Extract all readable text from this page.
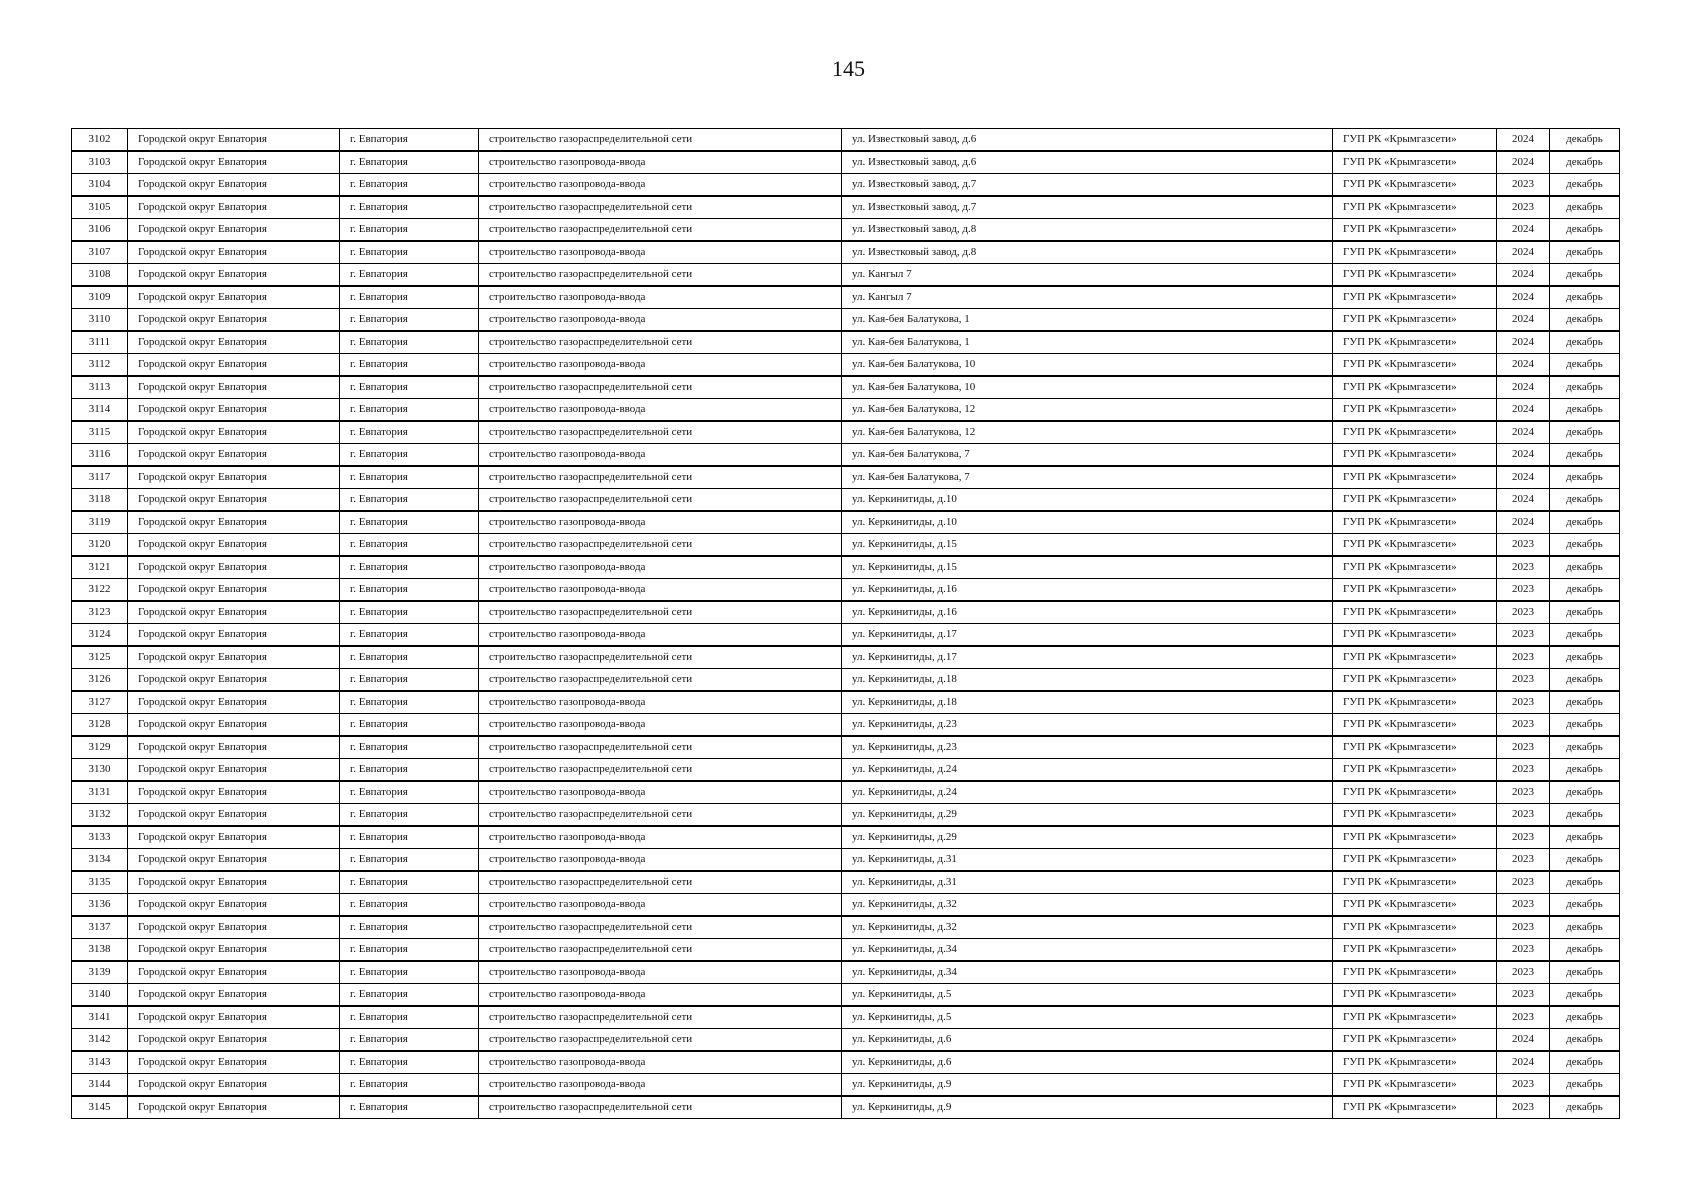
145
3102	Городской округ Евпатория	г. Евпатория	строительство газораспределительной сети	ул. Известковый завод, д.6	ГУП РК «Крымгазсети»	2024	декабрь
3103	Городской округ Евпатория	г. Евпатория	строительство газопровода-ввода	ул. Известковый завод, д.6	ГУП РК «Крымгазсети»	2024	декабрь
3104	Городской округ Евпатория	г. Евпатория	строительство газопровода-ввода	ул. Известковый завод, д.7	ГУП РК «Крымгазсети»	2023	декабрь
3105	Городской округ Евпатория	г. Евпатория	строительство газораспределительной сети	ул. Известковый завод, д.7	ГУП РК «Крымгазсети»	2023	декабрь
3106	Городской округ Евпатория	г. Евпатория	строительство газораспределительной сети	ул. Известковый завод, д.8	ГУП РК «Крымгазсети»	2024	декабрь
3107	Городской округ Евпатория	г. Евпатория	строительство газопровода-ввода	ул. Известковый завод, д.8	ГУП РК «Крымгазсети»	2024	декабрь
3108	Городской округ Евпатория	г. Евпатория	строительство газораспределительной сети	ул. Кангыл 7	ГУП РК «Крымгазсети»	2024	декабрь
3109	Городской округ Евпатория	г. Евпатория	строительство газопровода-ввода	ул. Кангыл 7	ГУП РК «Крымгазсети»	2024	декабрь
3110	Городской округ Евпатория	г. Евпатория	строительство газопровода-ввода	ул. Кая-бея Балатукова, 1	ГУП РК «Крымгазсети»	2024	декабрь
3111	Городской округ Евпатория	г. Евпатория	строительство газораспределительной сети	ул. Кая-бея Балатукова, 1	ГУП РК «Крымгазсети»	2024	декабрь
3112	Городской округ Евпатория	г. Евпатория	строительство газопровода-ввода	ул. Кая-бея Балатукова, 10	ГУП РК «Крымгазсети»	2024	декабрь
3113	Городской округ Евпатория	г. Евпатория	строительство газораспределительной сети	ул. Кая-бея Балатукова, 10	ГУП РК «Крымгазсети»	2024	декабрь
3114	Городской округ Евпатория	г. Евпатория	строительство газопровода-ввода	ул. Кая-бея Балатукова, 12	ГУП РК «Крымгазсети»	2024	декабрь
3115	Городской округ Евпатория	г. Евпатория	строительство газораспределительной сети	ул. Кая-бея Балатукова, 12	ГУП РК «Крымгазсети»	2024	декабрь
3116	Городской округ Евпатория	г. Евпатория	строительство газопровода-ввода	ул. Кая-бея Балатукова, 7	ГУП РК «Крымгазсети»	2024	декабрь
3117	Городской округ Евпатория	г. Евпатория	строительство газораспределительной сети	ул. Кая-бея Балатукова, 7	ГУП РК «Крымгазсети»	2024	декабрь
3118	Городской округ Евпатория	г. Евпатория	строительство газораспределительной сети	ул. Керкинитиды, д.10	ГУП РК «Крымгазсети»	2024	декабрь
3119	Городской округ Евпатория	г. Евпатория	строительство газопровода-ввода	ул. Керкинитиды, д.10	ГУП РК «Крымгазсети»	2024	декабрь
3120	Городской округ Евпатория	г. Евпатория	строительство газораспределительной сети	ул. Керкинитиды, д.15	ГУП РК «Крымгазсети»	2023	декабрь
3121	Городской округ Евпатория	г. Евпатория	строительство газопровода-ввода	ул. Керкинитиды, д.15	ГУП РК «Крымгазсети»	2023	декабрь
3122	Городской округ Евпатория	г. Евпатория	строительство газопровода-ввода	ул. Керкинитиды, д.16	ГУП РК «Крымгазсети»	2023	декабрь
3123	Городской округ Евпатория	г. Евпатория	строительство газораспределительной сети	ул. Керкинитиды, д.16	ГУП РК «Крымгазсети»	2023	декабрь
3124	Городской округ Евпатория	г. Евпатория	строительство газопровода-ввода	ул. Керкинитиды, д.17	ГУП РК «Крымгазсети»	2023	декабрь
3125	Городской округ Евпатория	г. Евпатория	строительство газораспределительной сети	ул. Керкинитиды, д.17	ГУП РК «Крымгазсети»	2023	декабрь
3126	Городской округ Евпатория	г. Евпатория	строительство газораспределительной сети	ул. Керкинитиды, д.18	ГУП РК «Крымгазсети»	2023	декабрь
3127	Городской округ Евпатория	г. Евпатория	строительство газопровода-ввода	ул. Керкинитиды, д.18	ГУП РК «Крымгазсети»	2023	декабрь
3128	Городской округ Евпатория	г. Евпатория	строительство газопровода-ввода	ул. Керкинитиды, д.23	ГУП РК «Крымгазсети»	2023	декабрь
3129	Городской округ Евпатория	г. Евпатория	строительство газораспределительной сети	ул. Керкинитиды, д.23	ГУП РК «Крымгазсети»	2023	декабрь
3130	Городской округ Евпатория	г. Евпатория	строительство газораспределительной сети	ул. Керкинитиды, д.24	ГУП РК «Крымгазсети»	2023	декабрь
3131	Городской округ Евпатория	г. Евпатория	строительство газопровода-ввода	ул. Керкинитиды, д.24	ГУП РК «Крымгазсети»	2023	декабрь
3132	Городской округ Евпатория	г. Евпатория	строительство газораспределительной сети	ул. Керкинитиды, д.29	ГУП РК «Крымгазсети»	2023	декабрь
3133	Городской округ Евпатория	г. Евпатория	строительство газопровода-ввода	ул. Керкинитиды, д.29	ГУП РК «Крымгазсети»	2023	декабрь
3134	Городской округ Евпатория	г. Евпатория	строительство газопровода-ввода	ул. Керкинитиды, д.31	ГУП РК «Крымгазсети»	2023	декабрь
3135	Городской округ Евпатория	г. Евпатория	строительство газораспределительной сети	ул. Керкинитиды, д.31	ГУП РК «Крымгазсети»	2023	декабрь
3136	Городской округ Евпатория	г. Евпатория	строительство газопровода-ввода	ул. Керкинитиды, д.32	ГУП РК «Крымгазсети»	2023	декабрь
3137	Городской округ Евпатория	г. Евпатория	строительство газораспределительной сети	ул. Керкинитиды, д.32	ГУП РК «Крымгазсети»	2023	декабрь
3138	Городской округ Евпатория	г. Евпатория	строительство газораспределительной сети	ул. Керкинитиды, д.34	ГУП РК «Крымгазсети»	2023	декабрь
3139	Городской округ Евпатория	г. Евпатория	строительство газопровода-ввода	ул. Керкинитиды, д.34	ГУП РК «Крымгазсети»	2023	декабрь
3140	Городской округ Евпатория	г. Евпатория	строительство газопровода-ввода	ул. Керкинитиды, д.5	ГУП РК «Крымгазсети»	2023	декабрь
3141	Городской округ Евпатория	г. Евпатория	строительство газораспределительной сети	ул. Керкинитиды, д.5	ГУП РК «Крымгазсети»	2023	декабрь
3142	Городской округ Евпатория	г. Евпатория	строительство газораспределительной сети	ул. Керкинитиды, д.6	ГУП РК «Крымгазсети»	2024	декабрь
3143	Городской округ Евпатория	г. Евпатория	строительство газопровода-ввода	ул. Керкинитиды, д.6	ГУП РК «Крымгазсети»	2024	декабрь
3144	Городской округ Евпатория	г. Евпатория	строительство газопровода-ввода	ул. Керкинитиды, д.9	ГУП РК «Крымгазсети»	2023	декабрь
3145	Городской округ Евпатория	г. Евпатория	строительство газораспределительной сети	ул. Керкинитиды, д.9	ГУП РК «Крымгазсети»	2023	декабрь
